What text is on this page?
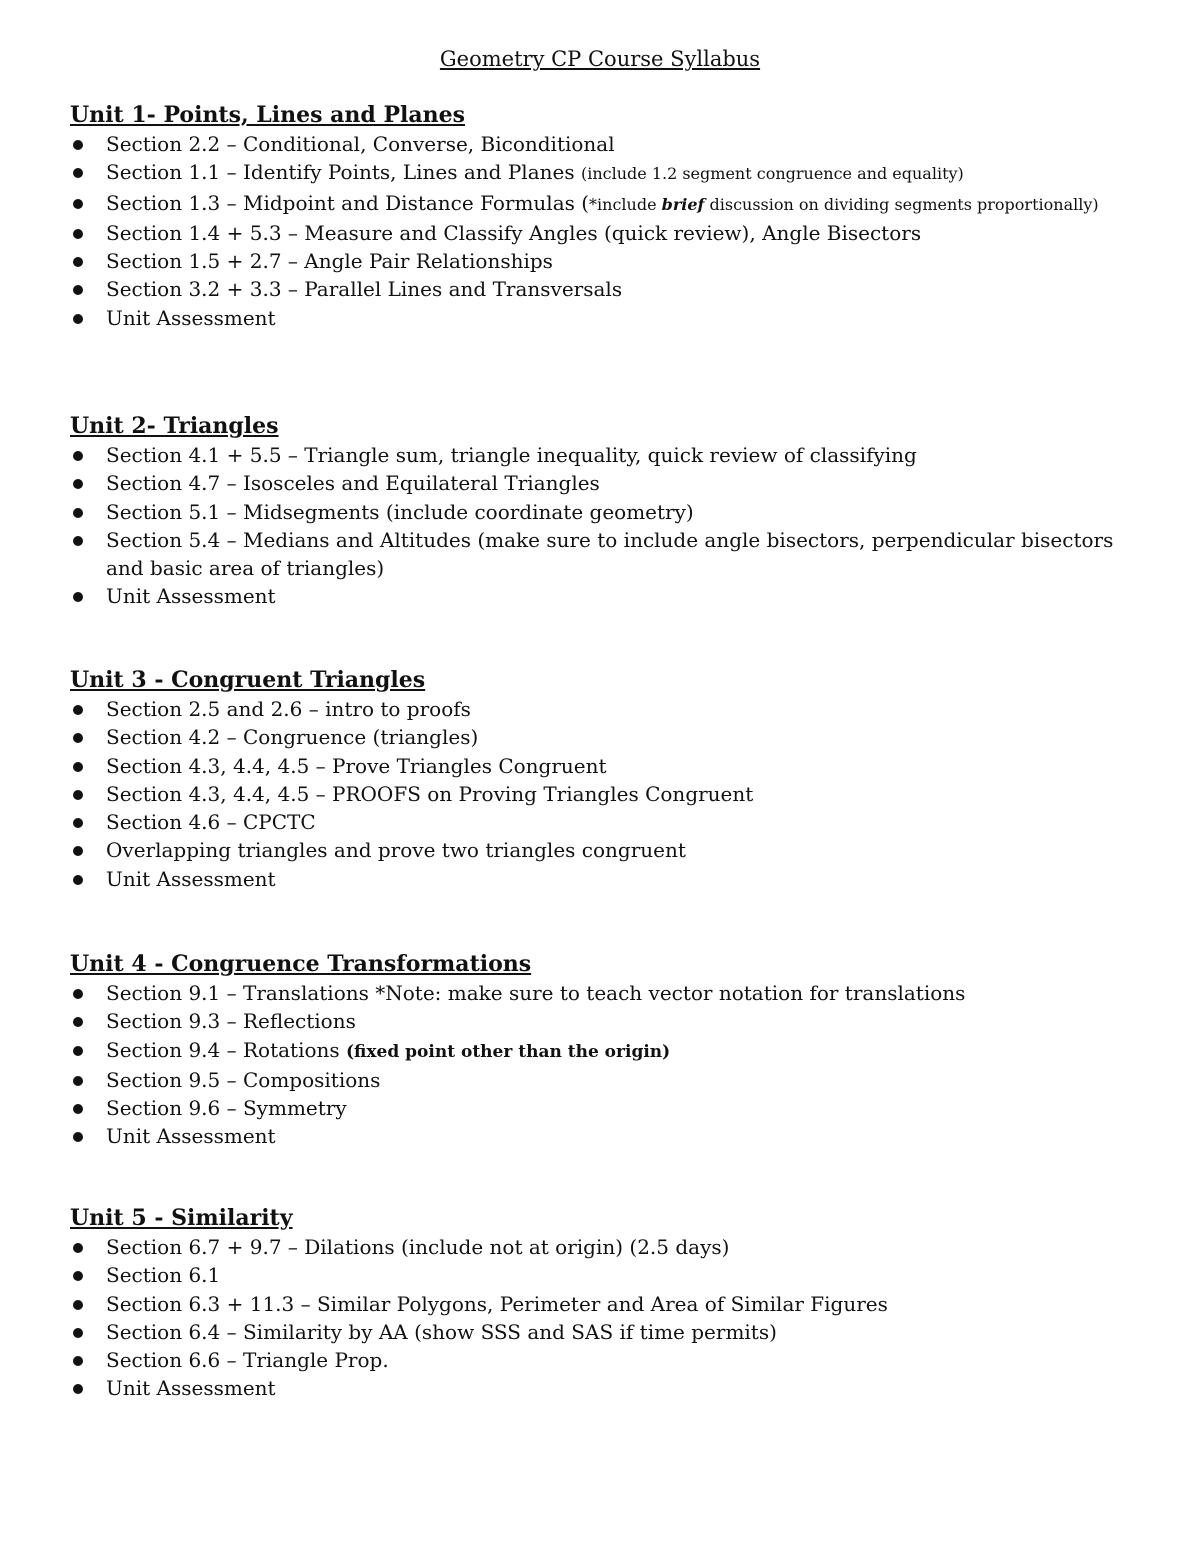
Geometry CP Course Syllabus
Unit 1- Points, Lines and Planes
Section 2.2 – Conditional, Converse, Biconditional
Section 1.1 – Identify Points, Lines and Planes (include 1.2 segment congruence and equality)
Section 1.3 – Midpoint and Distance Formulas (*include brief discussion on dividing segments proportionally)
Section 1.4 + 5.3 – Measure and Classify Angles (quick review), Angle Bisectors
Section 1.5 + 2.7 – Angle Pair Relationships
Section 3.2 + 3.3 – Parallel Lines and Transversals
Unit Assessment
Unit 2- Triangles
Section 4.1 + 5.5 – Triangle sum, triangle inequality, quick review of classifying
Section 4.7 – Isosceles and Equilateral Triangles
Section 5.1 – Midsegments (include coordinate geometry)
Section 5.4 – Medians and Altitudes (make sure to include angle bisectors, perpendicular bisectors and basic area of triangles)
Unit Assessment
Unit 3 - Congruent Triangles
Section 2.5 and 2.6 – intro to proofs
Section 4.2 – Congruence (triangles)
Section 4.3, 4.4, 4.5 – Prove Triangles Congruent
Section 4.3, 4.4, 4.5 – PROOFS on Proving Triangles Congruent
Section 4.6 – CPCTC
Overlapping triangles and prove two triangles congruent
Unit Assessment
Unit 4 - Congruence Transformations
Section 9.1 – Translations *Note: make sure to teach vector notation for translations
Section 9.3 – Reflections
Section 9.4 – Rotations (fixed point other than the origin)
Section 9.5 – Compositions
Section 9.6 – Symmetry
Unit Assessment
Unit 5 - Similarity
Section 6.7 + 9.7 – Dilations (include not at origin) (2.5 days)
Section 6.1
Section 6.3 + 11.3 – Similar Polygons, Perimeter and Area of Similar Figures
Section 6.4 – Similarity by AA (show SSS and SAS if time permits)
Section 6.6 – Triangle Prop.
Unit Assessment
